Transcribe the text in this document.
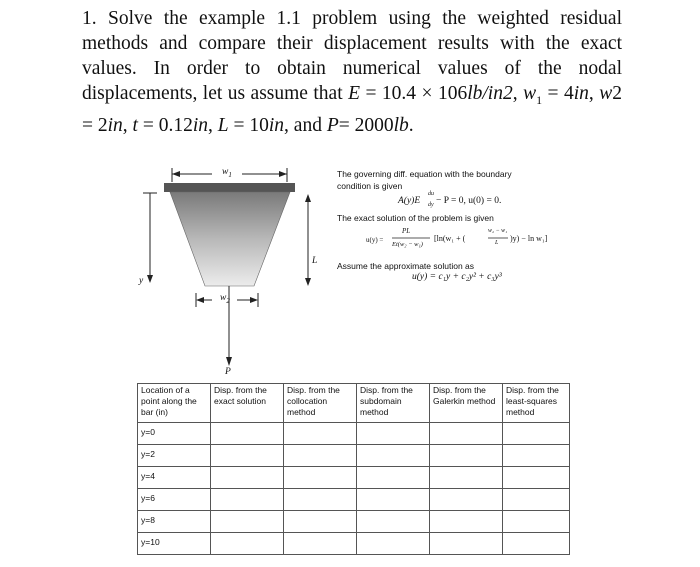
1. Solve the example 1.1 problem using the weighted residual methods and compare their displacement results with the exact values. In order to obtain numerical values of the nodal displacements, let us assume that E = 10.4 × 106lb/in2, $w_1 = 4in$, w2 = 2in, t = 0.12in, L = 10in, and P= 2000lb.
$w_1$
$w_2$
L
y
P
The governing diff. equation with the boundary
condition is given
A(y)E
du
dy − P = 0, u(0) = 0.
The exact solution of the problem is given
u(y) =
PL
Et(w₂ − w₁)
[ln(w₁ + (
w₂ − w₁
L )y) − ln w₁]
Assume the approximate solution as
u(y) = c₁y + c₂y² + c₃y³
Location of a point along the bar (in)	Disp. from the exact solution	Disp. from the collocation method	Disp. from the subdomain method	Disp. from the Galerkin method	Disp. from the least-squares method
y=0					
y=2					
y=4					
y=6					
y=8					
y=10					
